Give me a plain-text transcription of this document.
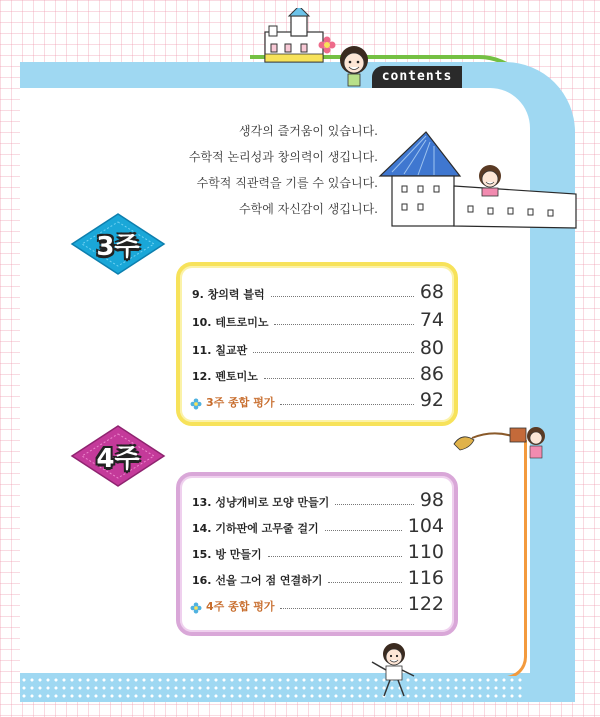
contents
생각의 즐거움이 있습니다.
수학적 논리성과 창의력이 생깁니다.
수학적 직관력을 기를 수 있습니다.
수학에 자신감이 생깁니다.
3주
9. 창의력 블럭	68
10. 테트로미노	74
11. 칠교판	80
12. 펜토미노	86
3주 종합 평가	92
4주
13. 성냥개비로 모양 만들기	98
14. 기하판에 고무줄 걸기	104
15. 방 만들기	110
16. 선을 그어 점 연결하기	116
4주 종합 평가	122
